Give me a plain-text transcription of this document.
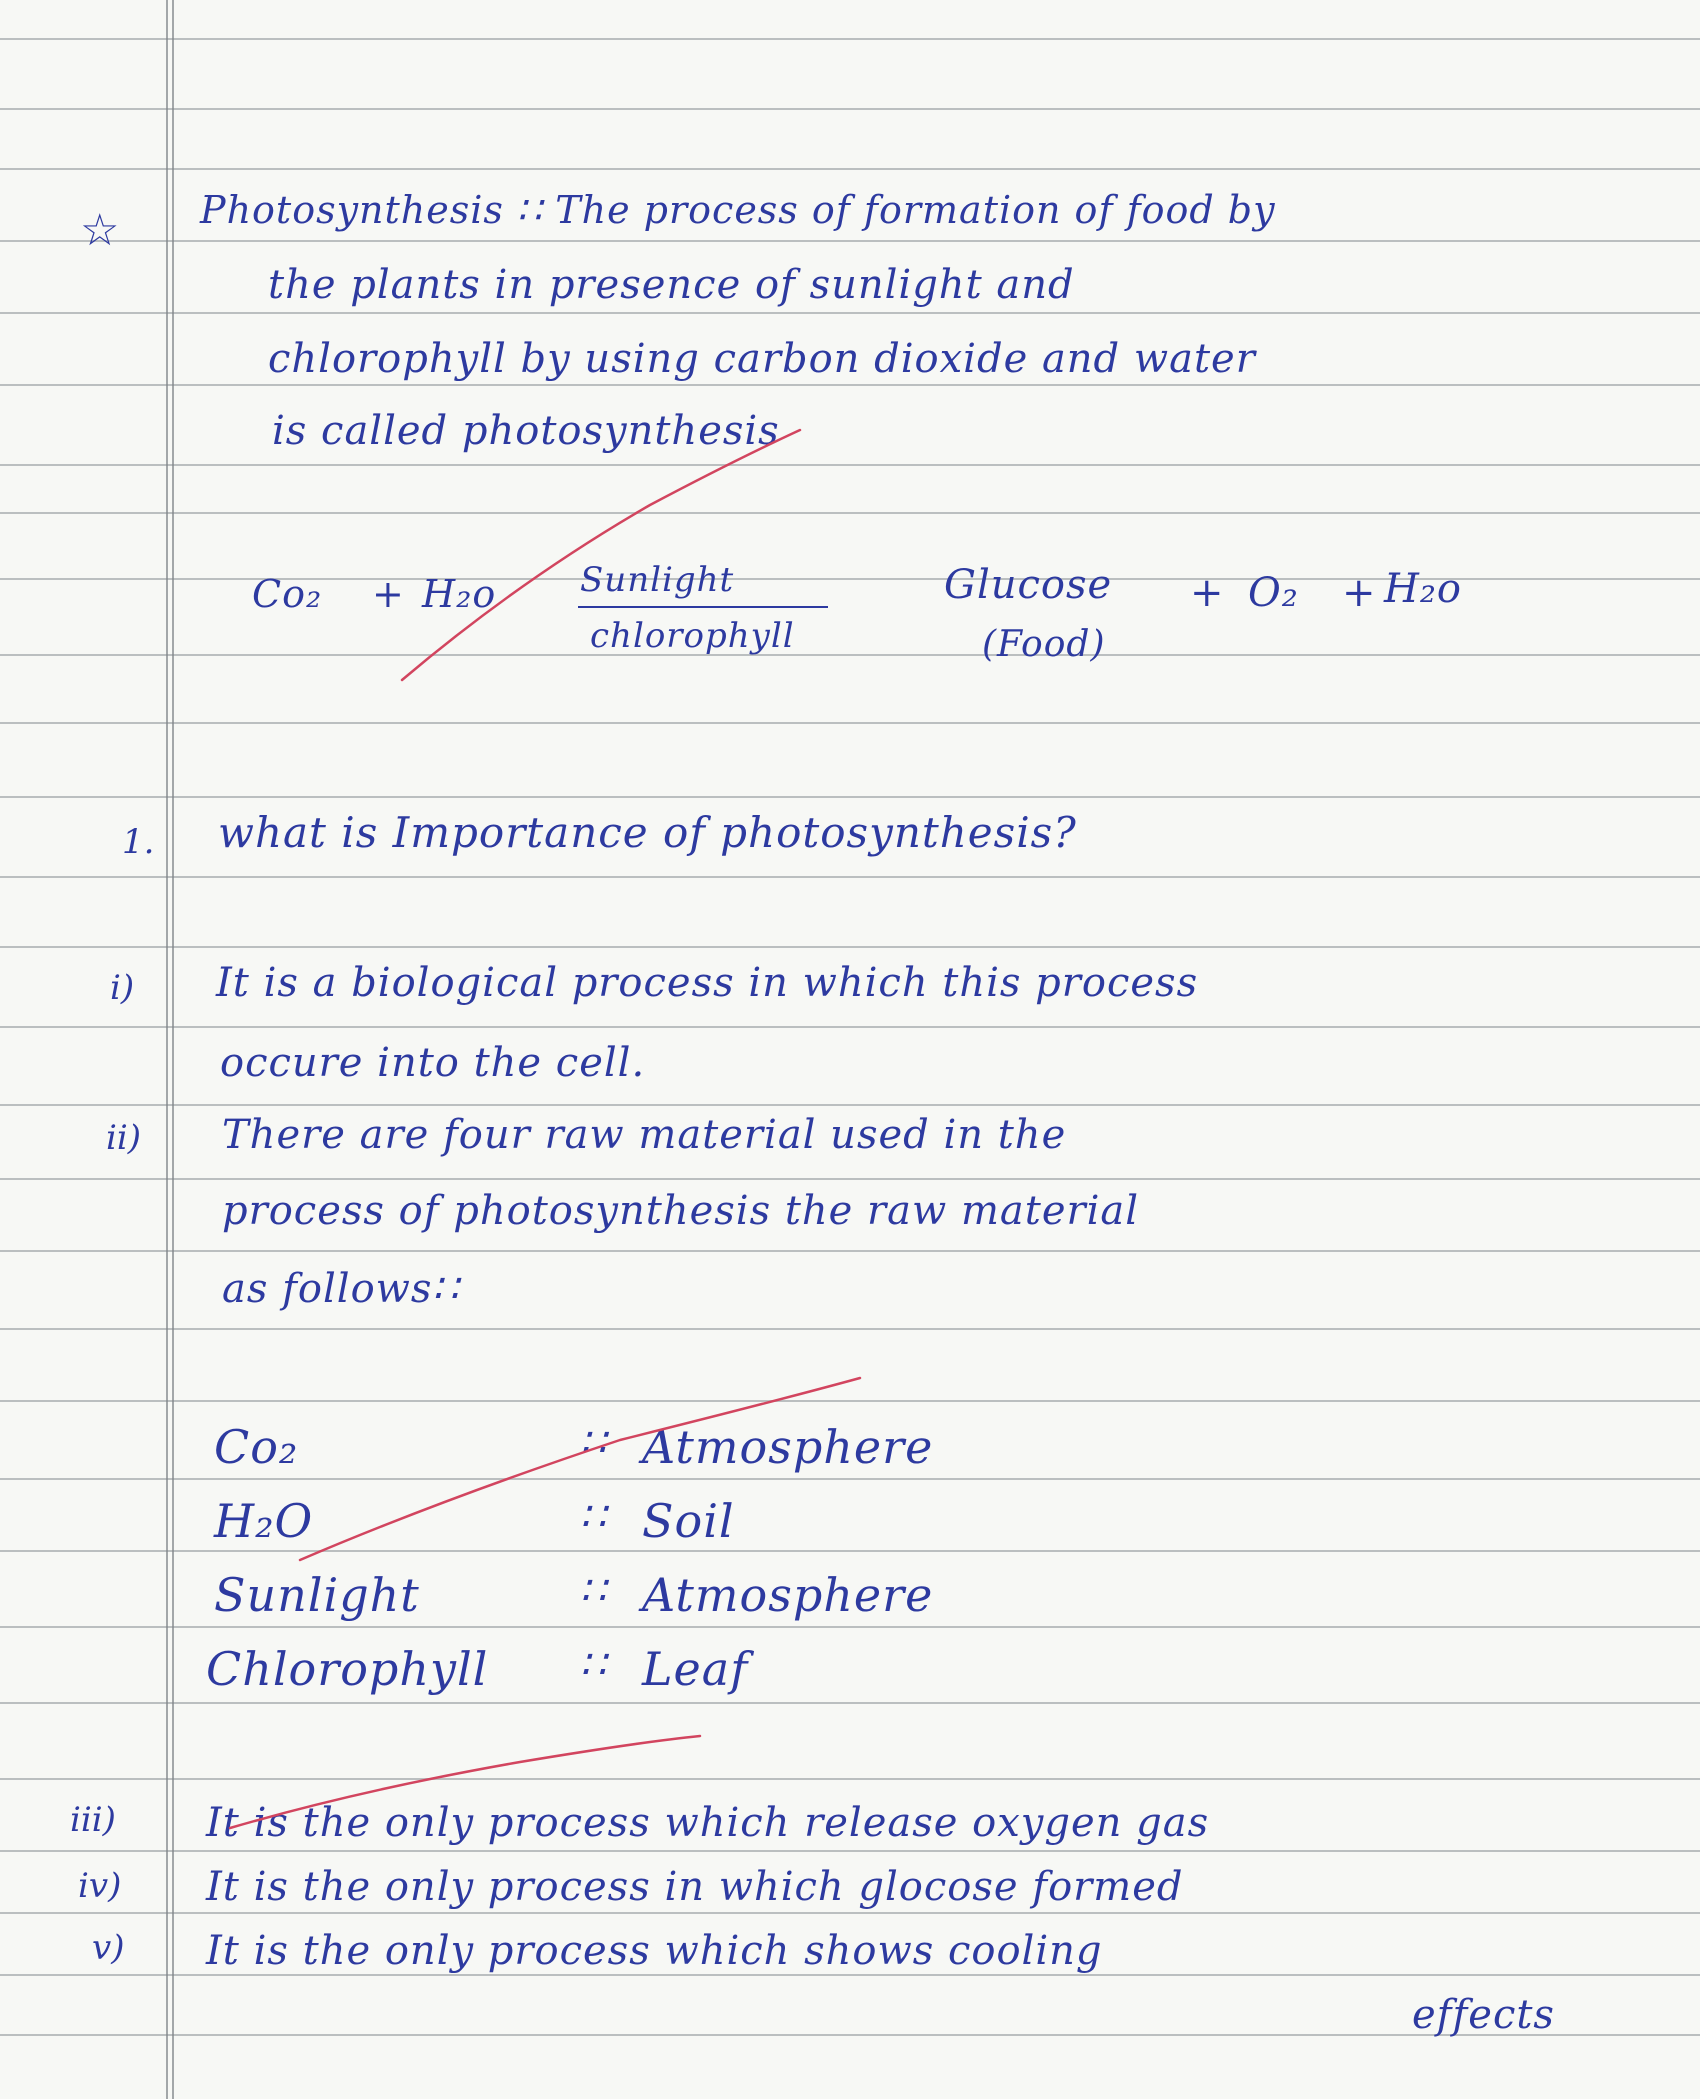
☆ Photosynthesis ∷ The process of formation of food by
the plants in presence of sunlight and
chlorophyll by using carbon dioxide and water
is called photosynthesis
Co₂ + H₂o Sunlight
chlorophyll
Glucose
(Food)
+ O₂ + H₂o
1. what is Importance of photosynthesis?
i) It is a biological process in which this process
occure into the cell.
ii) There are four raw material used in the
process of photosynthesis the raw material
as follows∷
Co₂	∷ Atmosphere
H₂O	∷ Soil
Sunlight	∷ Atmosphere
Chlorophyll ∷ Leaf
iii) It is the only process which release oxygen gas
iv) It is the only process in which glocose formed
v) It is the only process which shows cooling
effects
